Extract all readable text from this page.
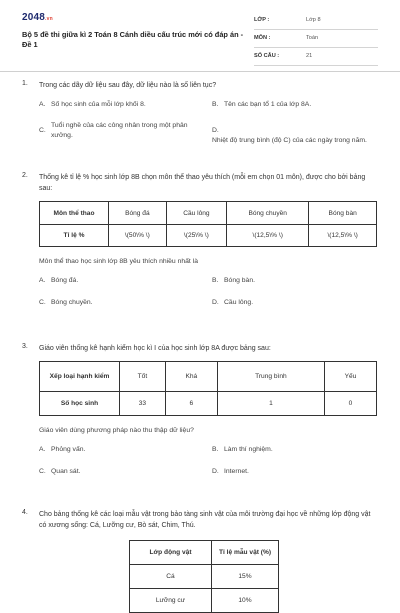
2048.vn
Bộ 5 đề thi giữa kì 2 Toán 8 Cánh diều cấu trúc mới có đáp án - Đề 1
LỚP :	Lớp 8
MÔN :	Toán
SỐ CÂU :	21
1. Trong các dãy dữ liệu sau đây, dữ liệu nào là số liên tục?
A. Số học sinh của mỗi lớp khối 8.	B. Tên các bạn tổ 1 của lớp 8A.
C.Tuổi nghề của các công nhân trong một phân xưởng.
D.Nhiệt độ trung bình (độ C) của các ngày trong năm.
2. Thống kê tỉ lệ % học sinh lớp 8B chọn môn thể thao yêu thích (mỗi em chọn 01 môn), được cho bởi bảng sau:
Môn thể thao	Bóng đá	Cầu lông	Bóng chuyền	Bóng bàn
Tỉ lệ %	\(50\% \)	\(25\% \)	\(12,5\% \)	\(12,5\% \)
Môn thể thao học sinh lớp 8B yêu thích nhiều nhất là
A. Bóng đá.	B. Bóng bàn.
C. Bóng chuyền.	D. Cầu lông.
3. Giáo viên thống kê hạnh kiểm học kì I của học sinh lớp 8A được bảng sau:
Xếp loại hạnh kiểm	Tốt	Khá	Trung bình	Yếu
Số học sinh	33	6	1	0
Giáo viên dùng phương pháp nào thu thập dữ liệu?
A. Phỏng vấn.	B. Làm thí nghiệm.
C. Quan sát.	D. Internet.
4. Cho bảng thống kê các loại mẫu vật trong bảo tàng sinh vật của môi trường đại học về những lớp động vật có xương sống: Cá, Lưỡng cư, Bò sát, Chim, Thú.
Lớp động vật	Tỉ lệ mẫu vật (%)
Cá	15%
Lưỡng cư	10%
